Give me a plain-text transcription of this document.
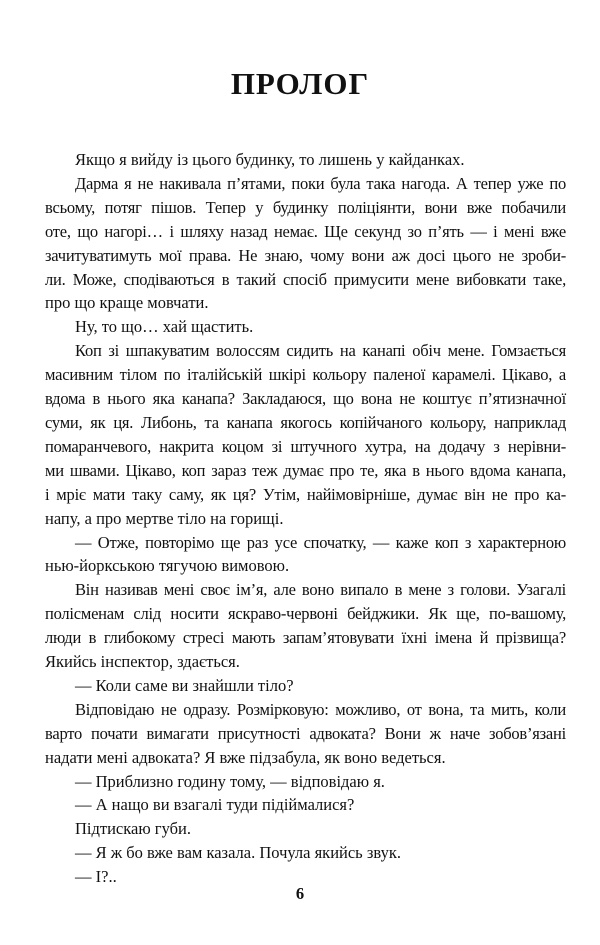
ПРОЛОГ

Якщо я вийду із цього будинку, то лишень у кайданках.

Дарма я не накивала п’ятами, поки була така нагода. А тепер уже по
всьому, потяг пішов. Тепер у будинку поліціянти, вони вже побачили
оте, що нагорі… і шляху назад немає. Ще секунд зо п’ять — і мені вже
зачитуватимуть мої права. Не знаю, чому вони аж досі цього не зроби-
ли. Може, сподіваються в такий спосіб примусити мене вибовкати таке,
про що краще мовчати.

Ну, то що… хай щастить.

Коп зі шпакуватим волоссям сидить на канапі обіч мене. Гомзається
масивним тілом по італійській шкірі кольору паленої карамелі. Цікаво, а
вдома в нього яка канапа? Закладаюся, що вона не коштує п’ятизначної
суми, як ця. Либонь, та канапа якогось копійчаного кольору, наприклад
помаранчевого, накрита коцом зі штучного хутра, на додачу з нерівни-
ми швами. Цікаво, коп зараз теж думає про те, яка в нього вдома канапа,
і мріє мати таку саму, як ця? Утім, найімовірніше, думає він не про ка-
напу, а про мертве тіло на горищі.

— Отже, повторімо ще раз усе спочатку, — каже коп з характерною
нью-йоркською тягучою вимовою.

Він називав мені своє ім’я, але воно випало в мене з голови. Узагалі
полісменам слід носити яскраво-червоні бейджики. Як ще, по-вашому,
люди в глибокому стресі мають запам’ятовувати їхні імена й прізвища?
Якийсь інспектор, здається.

— Коли саме ви знайшли тіло?

Відповідаю не одразу. Розмірковую: можливо, от вона, та мить, коли
варто почати вимагати присутності адвоката? Вони ж наче зобов’язані
надати мені адвоката? Я вже підзабула, як воно ведеться.

— Приблизно годину тому, — відповідаю я.

— А нащо ви взагалі туди підіймалися?

Підтискаю губи.

— Я ж бо вже вам казала. Почула якийсь звук.

— І?..

6
